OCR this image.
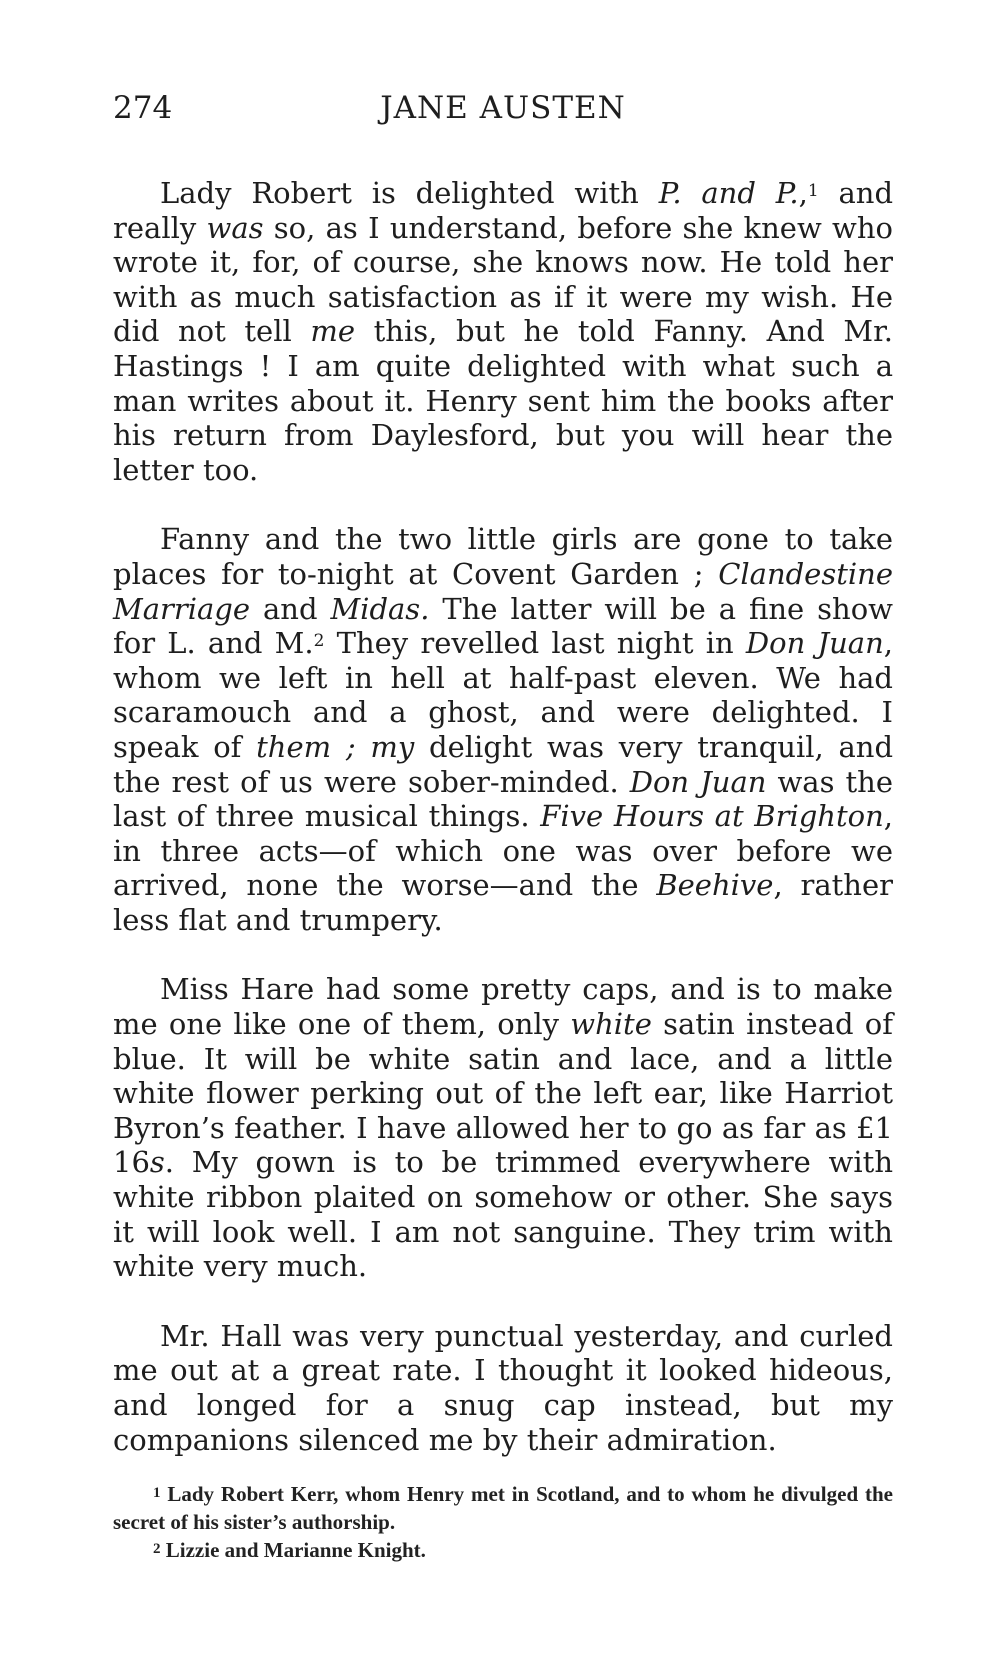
274	JANE AUSTEN

Lady Robert is delighted with P. and P.,$^1$ and really was so, as I understand, before she knew who wrote it, for, of course, she knows now. He told her with as much satisfaction as if it were my wish. He did not tell me this, but he told Fanny. And Mr. Hastings ! I am quite delighted with what such a man writes about it. Henry sent him the books after his return from Daylesford, but you will hear the letter too.

Fanny and the two little girls are gone to take places for to-night at Covent Garden ; Clandestine Marriage and Midas. The latter will be a fine show for L. and M.$^2$ They revelled last night in Don Juan, whom we left in hell at half-past eleven. We had scaramouch and a ghost, and were delighted. I speak of them ; my delight was very tranquil, and the rest of us were sober-minded. Don Juan was the last of three musical things. Five Hours at Brighton, in three acts—of which one was over before we arrived, none the worse—and the Beehive, rather less flat and trumpery.

Miss Hare had some pretty caps, and is to make me one like one of them, only white satin instead of blue. It will be white satin and lace, and a little white flower perking out of the left ear, like Harriot Byron’s feather. I have allowed her to go as far as £1 16s. My gown is to be trimmed everywhere with white ribbon plaited on somehow or other. She says it will look well. I am not sanguine. They trim with white very much.

Mr. Hall was very punctual yesterday, and curled me out at a great rate. I thought it looked hideous, and longed for a snug cap instead, but my companions silenced me by their admiration.

$^1$ Lady Robert Kerr, whom Henry met in Scotland, and to whom he divulged the secret of his sister’s authorship.

$^2$ Lizzie and Marianne Knight.
